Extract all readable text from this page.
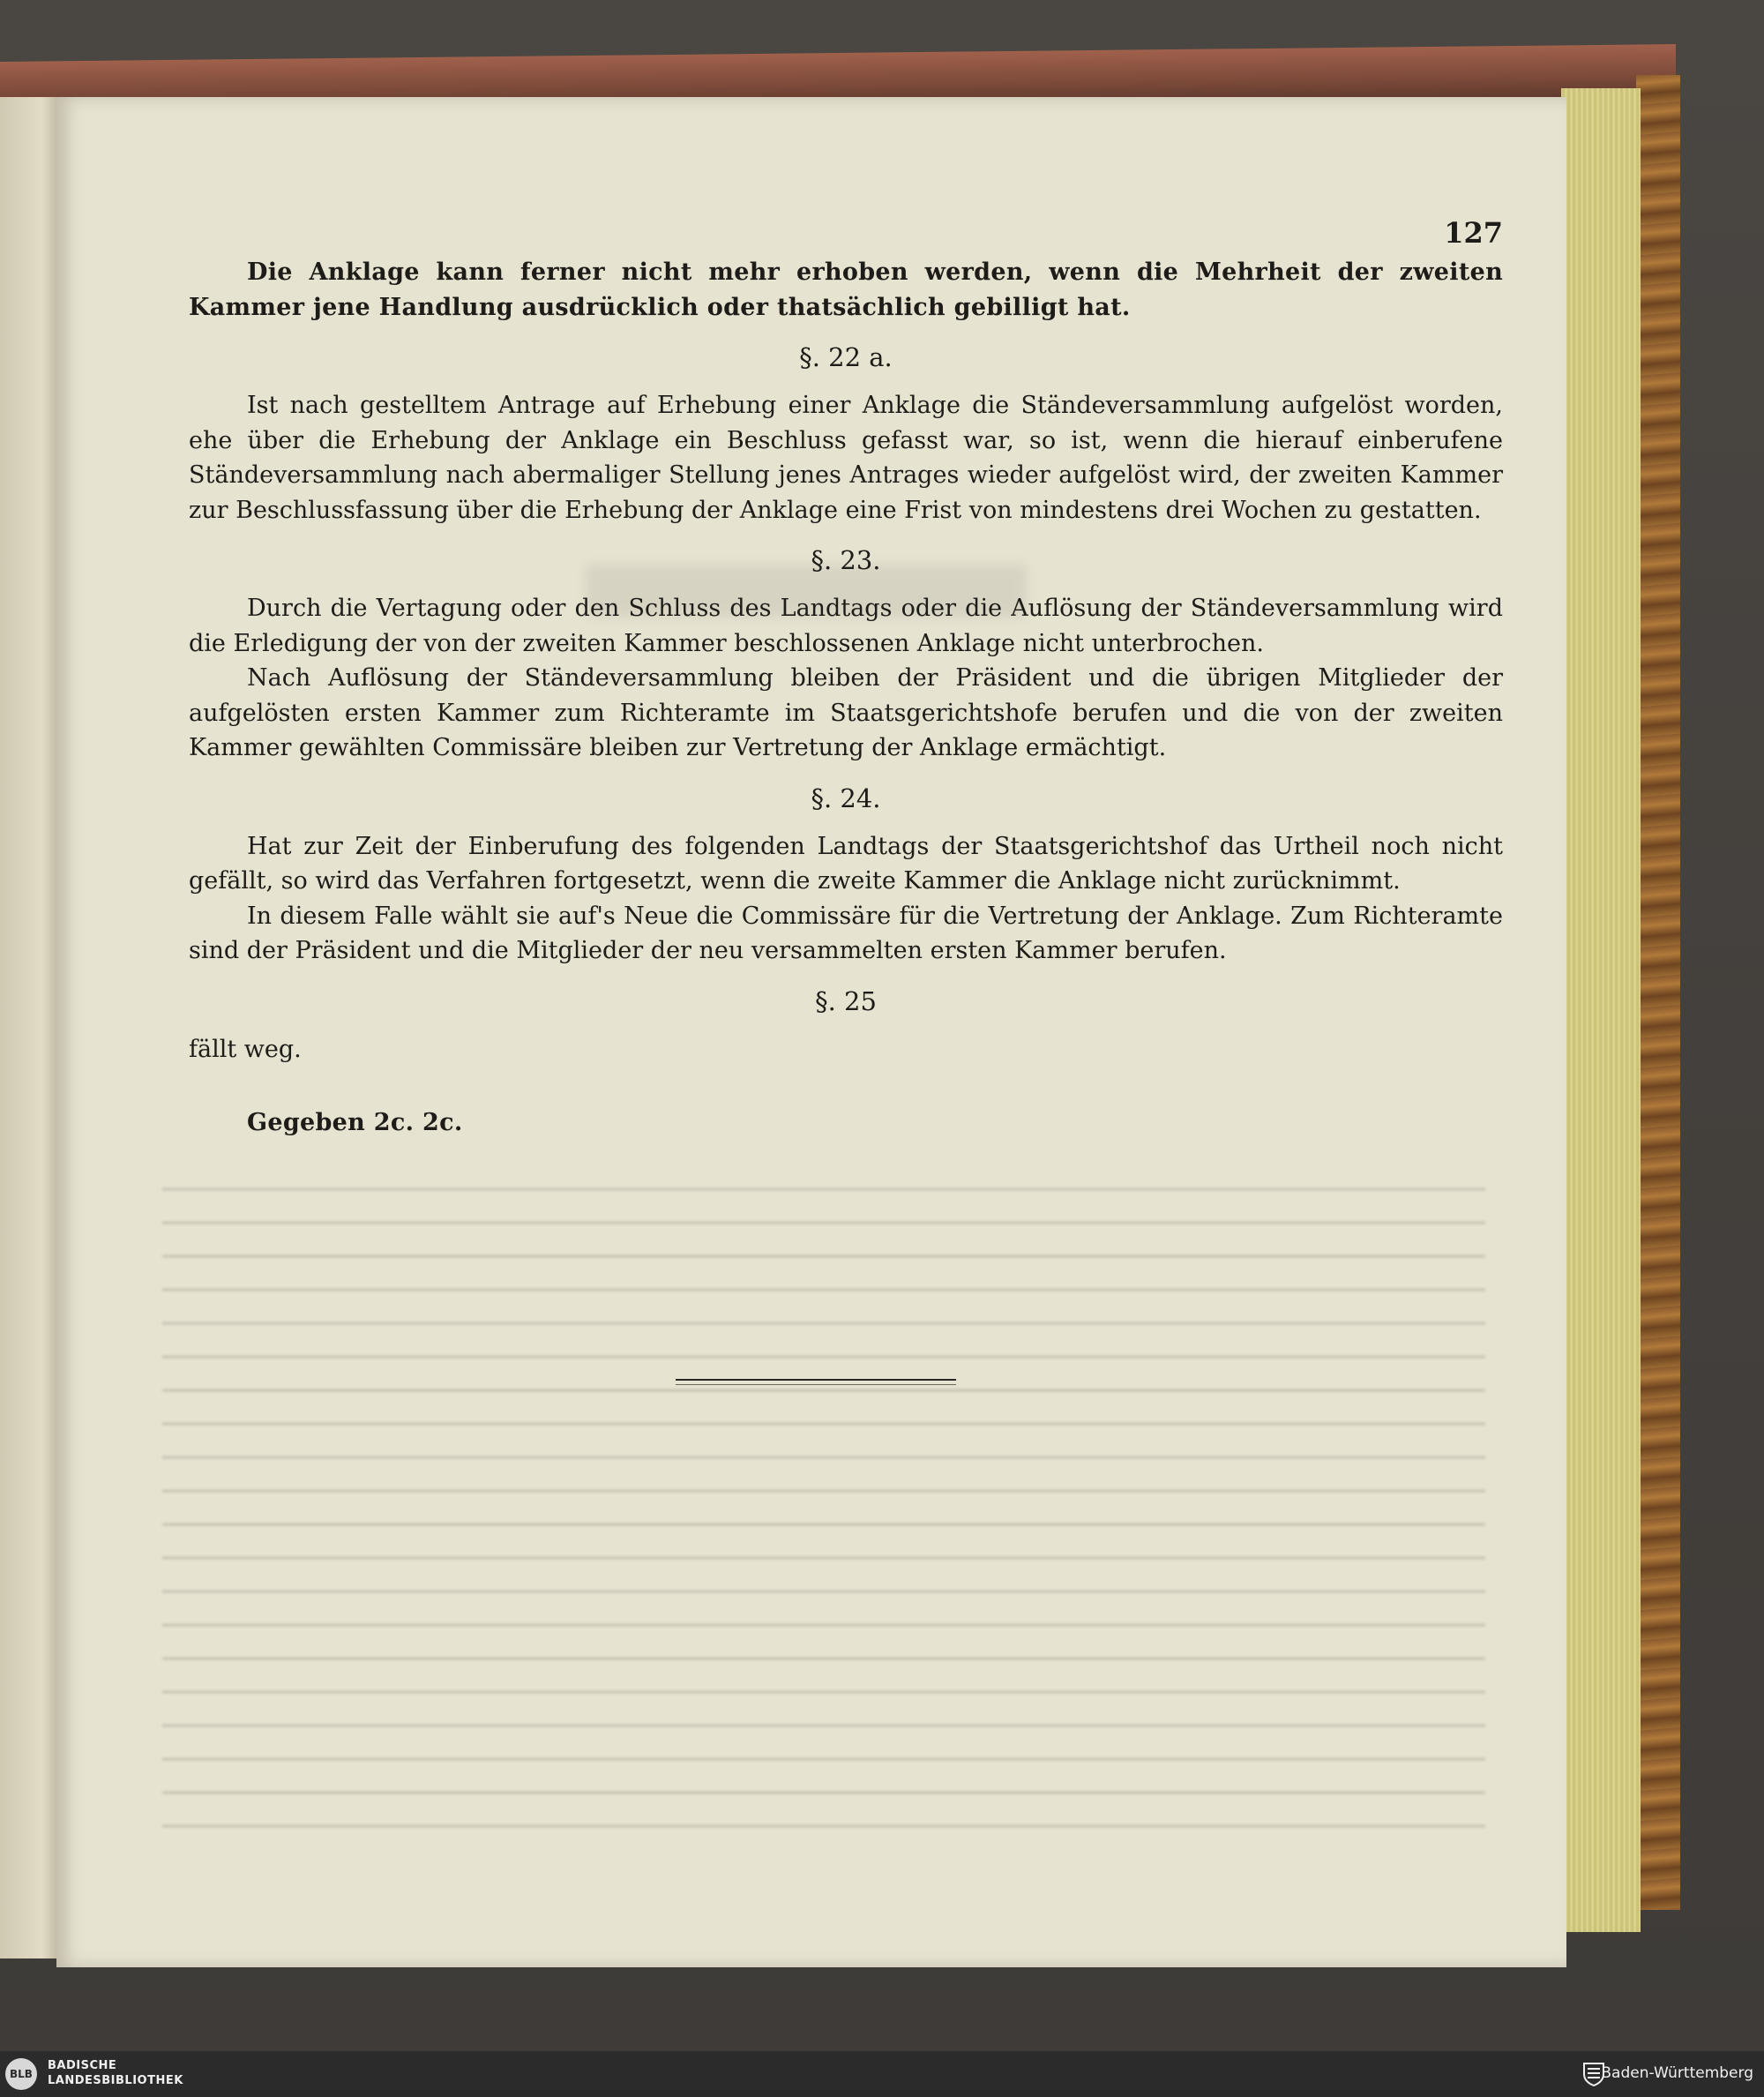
127

Die Anklage kann ferner nicht mehr erhoben werden, wenn die Mehrheit der zweiten Kammer jene Handlung ausdrücklich oder thatsächlich gebilligt hat.

§. 22 a.

Ist nach gestelltem Antrage auf Erhebung einer Anklage die Ständeversammlung aufgelöst worden, ehe über die Erhebung der Anklage ein Beschluss gefasst war, so ist, wenn die hierauf einberufene Ständeversammlung nach abermaliger Stellung jenes Antrages wieder aufgelöst wird, der zweiten Kammer zur Beschlussfassung über die Erhebung der Anklage eine Frist von mindestens drei Wochen zu gestatten.

§. 23.

Durch die Vertagung oder den Schluss des Landtags oder die Auflösung der Ständeversammlung wird die Erledigung der von der zweiten Kammer beschlossenen Anklage nicht unterbrochen.

Nach Auflösung der Ständeversammlung bleiben der Präsident und die übrigen Mitglieder der aufgelösten ersten Kammer zum Richteramte im Staatsgerichtshofe berufen und die von der zweiten Kammer gewählten Commissäre bleiben zur Vertretung der Anklage ermächtigt.

§. 24.

Hat zur Zeit der Einberufung des folgenden Landtags der Staatsgerichtshof das Urtheil noch nicht gefällt, so wird das Verfahren fortgesetzt, wenn die zweite Kammer die Anklage nicht zurücknimmt.

In diesem Falle wählt sie auf's Neue die Commissäre für die Vertretung der Anklage. Zum Richteramte sind der Präsident und die Mitglieder der neu versammelten ersten Kammer berufen.

§. 25

fällt weg.

Gegeben 2c. 2c.

BLB
BADISCHE
LANDESBIBLIOTHEK	Baden-Württemberg
